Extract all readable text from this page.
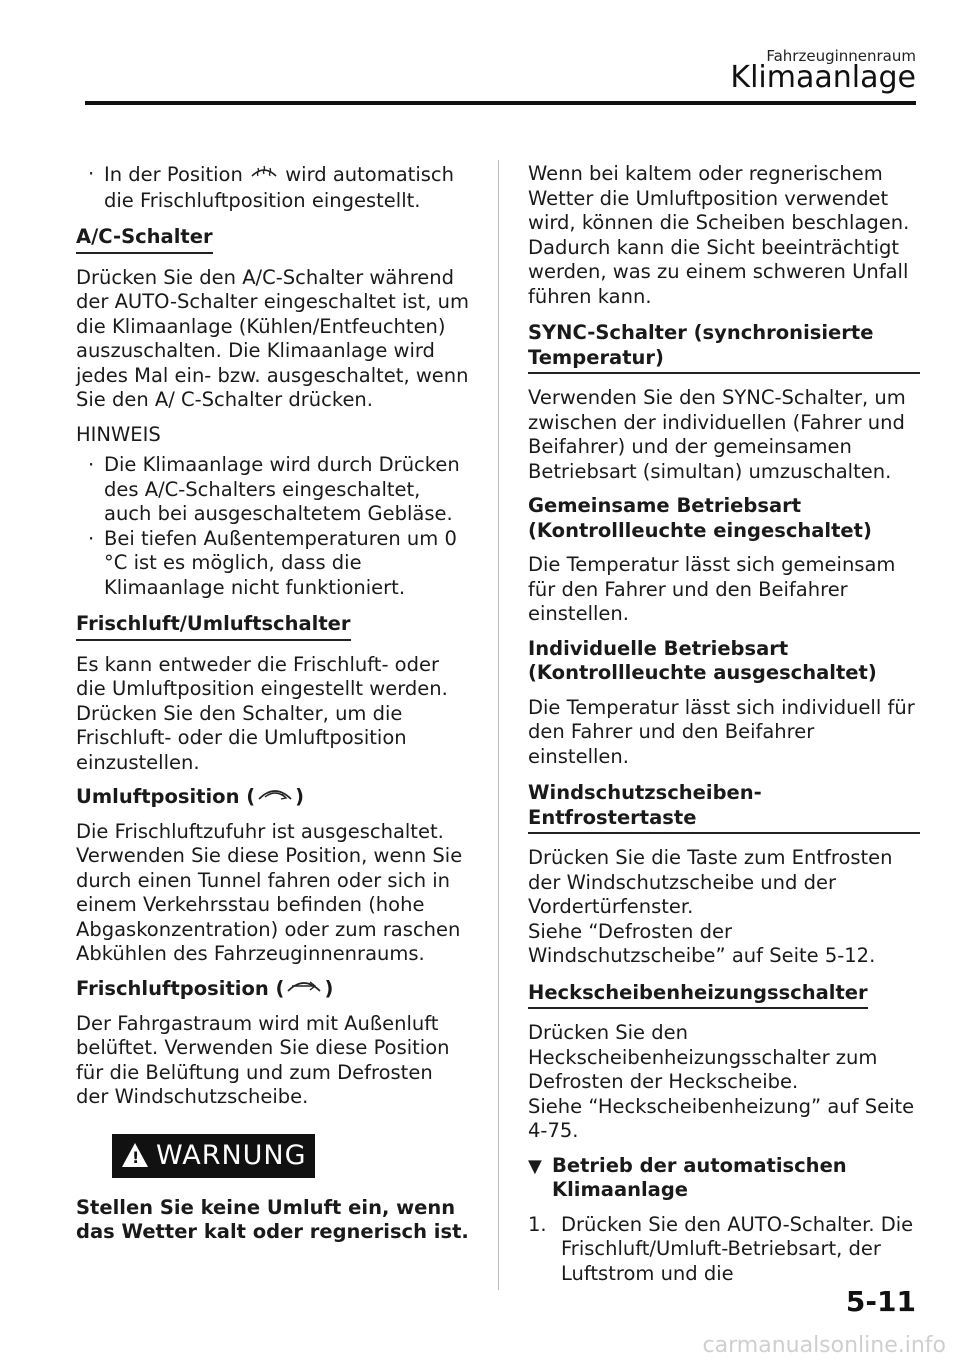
Fahrzeuginnenraum
Klimaanlage

· In der Position wird automatisch
die Frischluftposition eingestellt.

A/C-Schalter

Drücken Sie den A/C-Schalter während der AUTO-Schalter eingeschaltet ist, um die Klimaanlage (Kühlen/Entfeuchten) auszuschalten. Die Klimaanlage wird jedes Mal ein- bzw. ausgeschaltet, wenn Sie den A/ C-Schalter drücken.

HINWEIS

· Die Klimaanlage wird durch Drücken des A/C-Schalters eingeschaltet, auch bei ausgeschaltetem Gebläse.

· Bei tiefen Außentemperaturen um 0 °C ist es möglich, dass die Klimaanlage nicht funktioniert.

Frischluft/Umluftschalter

Es kann entweder die Frischluft- oder die Umluftposition eingestellt werden. Drücken Sie den Schalter, um die Frischluft- oder die Umluftposition einzustellen.

Umluftposition ( )

Die Frischluftzufuhr ist ausgeschaltet. Verwenden Sie diese Position, wenn Sie durch einen Tunnel fahren oder sich in einem Verkehrsstau befinden (hohe Abgaskonzentration) oder zum raschen Abkühlen des Fahrzeuginnenraums.

Frischluftposition ( )

Der Fahrgastraum wird mit Außenluft belüftet. Verwenden Sie diese Position für die Belüftung und zum Defrosten der Windschutzscheibe.

! WARNUNG

Stellen Sie keine Umluft ein, wenn das Wetter kalt oder regnerisch ist.

Wenn bei kaltem oder regnerischem Wetter die Umluftposition verwendet wird, können die Scheiben beschlagen. Dadurch kann die Sicht beeinträchtigt werden, was zu einem schweren Unfall führen kann.

SYNC-Schalter (synchronisierte Temperatur)

Verwenden Sie den SYNC-Schalter, um zwischen der individuellen (Fahrer und Beifahrer) und der gemeinsamen Betriebsart (simultan) umzuschalten.

Gemeinsame Betriebsart
(Kontrollleuchte eingeschaltet)

Die Temperatur lässt sich gemeinsam für den Fahrer und den Beifahrer einstellen.

Individuelle Betriebsart
(Kontrollleuchte ausgeschaltet)

Die Temperatur lässt sich individuell für den Fahrer und den Beifahrer einstellen.

Windschutzscheiben-Entfrostertaste

Drücken Sie die Taste zum Entfrosten der Windschutzscheibe und der Vordertürfenster.

Siehe “Defrosten der Windschutzscheibe” auf Seite 5-12.

Heckscheibenheizungsschalter

Drücken Sie den Heckscheibenheizungsschalter zum Defrosten der Heckscheibe.

Siehe “Heckscheibenheizung” auf Seite 4-75.

▼ Betrieb der automatischen
Klimaanlage

1. Drücken Sie den AUTO-Schalter. Die Frischluft/Umluft-Betriebsart, der Luftstrom und die

5-11
carmanualsonline.info
